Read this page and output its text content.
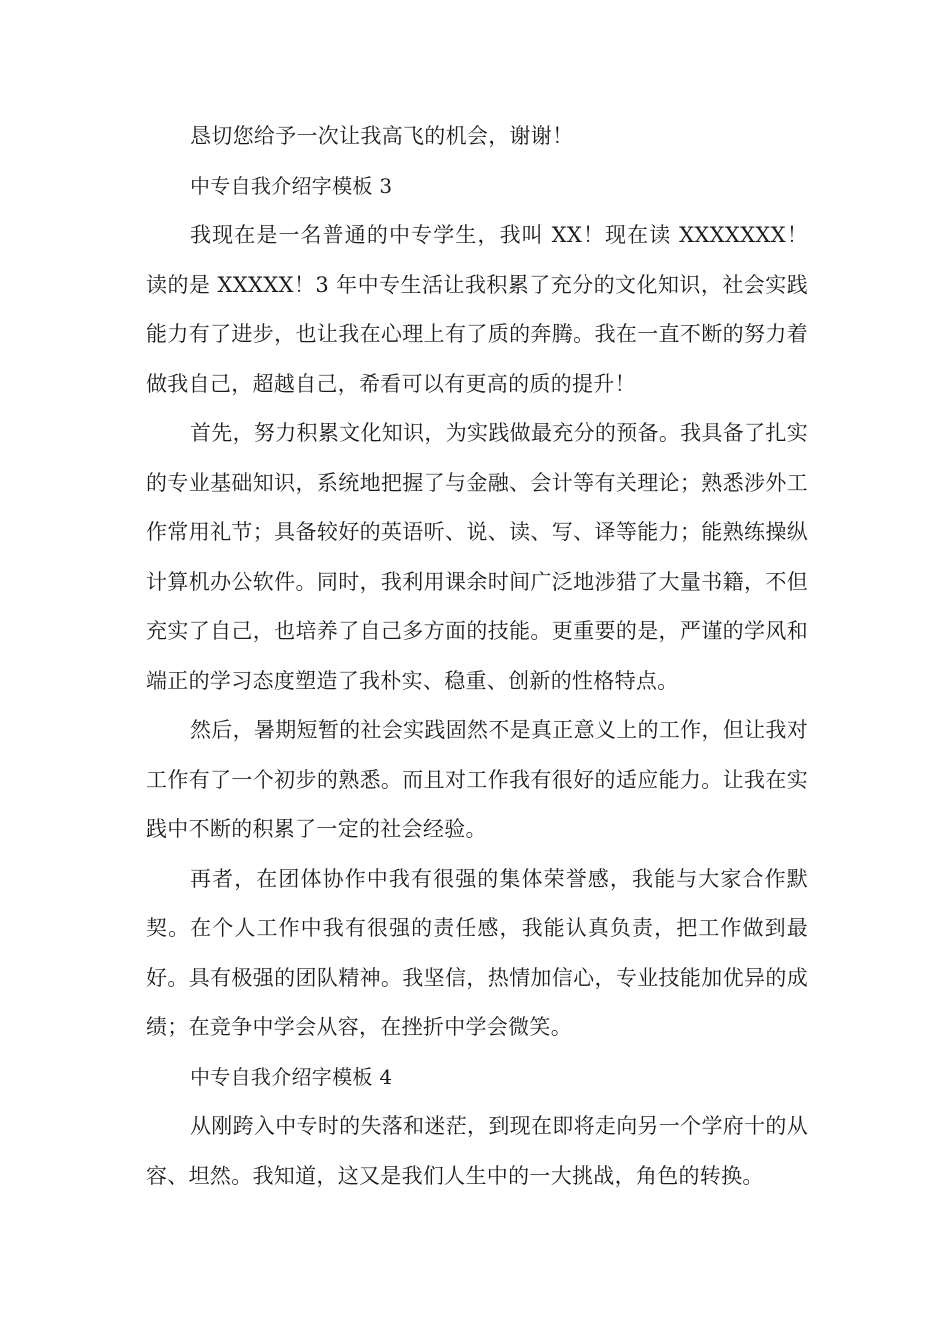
恳切您给予一次让我高飞的机会，谢谢！

中专自我介绍字模板 3

我现在是一名普通的中专学生，我叫 XX！现在读 XXXXXXX！读的是 XXXXX！3 年中专生活让我积累了充分的文化知识，社会实践能力有了进步，也让我在心理上有了质的奔腾。我在一直不断的努力着做我自己，超越自己，希看可以有更高的质的提升！

首先，努力积累文化知识，为实践做最充分的预备。我具备了扎实的专业基础知识，系统地把握了与金融、会计等有关理论；熟悉涉外工作常用礼节；具备较好的英语听、说、读、写、译等能力；能熟练操纵计算机办公软件。同时，我利用课余时间广泛地涉猎了大量书籍，不但充实了自己，也培养了自己多方面的技能。更重要的是，严谨的学风和端正的学习态度塑造了我朴实、稳重、创新的性格特点。

然后，暑期短暂的社会实践固然不是真正意义上的工作，但让我对工作有了一个初步的熟悉。而且对工作我有很好的适应能力。让我在实践中不断的积累了一定的社会经验。

再者，在团体协作中我有很强的集体荣誉感，我能与大家合作默契。在个人工作中我有很强的责任感，我能认真负责，把工作做到最好。具有极强的团队精神。我坚信，热情加信心，专业技能加优异的成绩；在竞争中学会从容，在挫折中学会微笑。

中专自我介绍字模板 4

从刚跨入中专时的失落和迷茫，到现在即将走向另一个学府十的从容、坦然。我知道，这又是我们人生中的一大挑战，角色的转换。
